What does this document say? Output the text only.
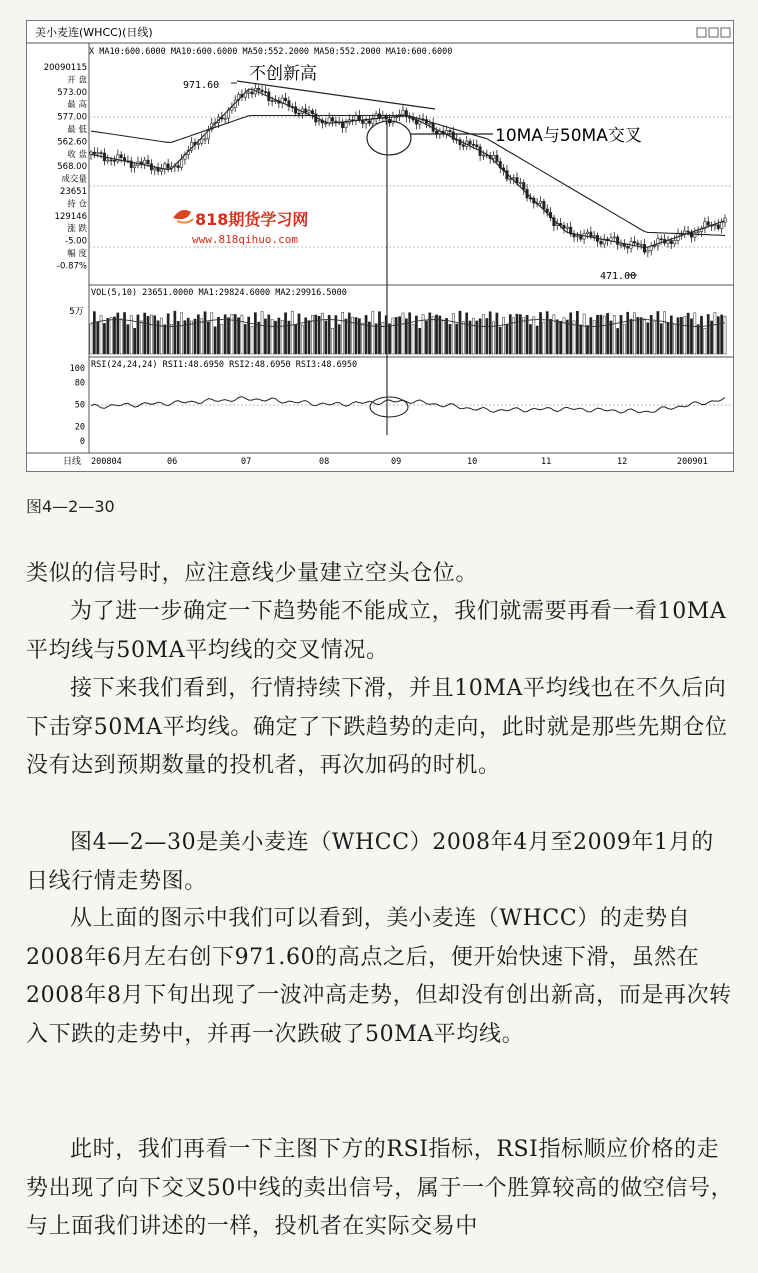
美小麦连(WHCC)(日线)
X MA10:600.6000 MA10:600.6000 MA50:552.2000 MA50:552.2000 MA10:600.6000
20090115
开 盘
573.00
最 高
577.00
最 低
562.60
收 盘
568.00
成交量
23651
持 仓
129146
涨 跌
-5.00
幅 度
-0.87%
971.60
不创新高
10MA与50MA交叉
471.00
818期货学习网
www.818qihuo.com
VOL(5,10) 23651.0000 MA1:29824.6000 MA2:29916.5000
5万
RSI(24,24,24) RSI1:48.6950 RSI2:48.6950 RSI3:48.6950
100
80
50
20
0
日线 200804	06	07	08	09	10	11	12	200901
图4—2—30

类似的信号时，应注意线少量建立空头仓位。

为了进一步确定一下趋势能不能成立，我们就需要再看一看10MA平均线与50MA平均线的交叉情况。

接下来我们看到，行情持续下滑，并且10MA平均线也在不久后向下击穿50MA平均线。确定了下跌趋势的走向，此时就是那些先期仓位没有达到预期数量的投机者，再次加码的时机。

图4—2—30是美小麦连（WHCC）2008年4月至2009年1月的日线行情走势图。

从上面的图示中我们可以看到，美小麦连（WHCC）的走势自2008年6月左右创下971.60的高点之后，便开始快速下滑，虽然在2008年8月下旬出现了一波冲高走势，但却没有创出新高，而是再次转入下跌的走势中，并再一次跌破了50MA平均线。

此时，我们再看一下主图下方的RSI指标，RSI指标顺应价格的走势出现了向下交叉50中线的卖出信号，属于一个胜算较高的做空信号，与上面我们讲述的一样，投机者在实际交易中
